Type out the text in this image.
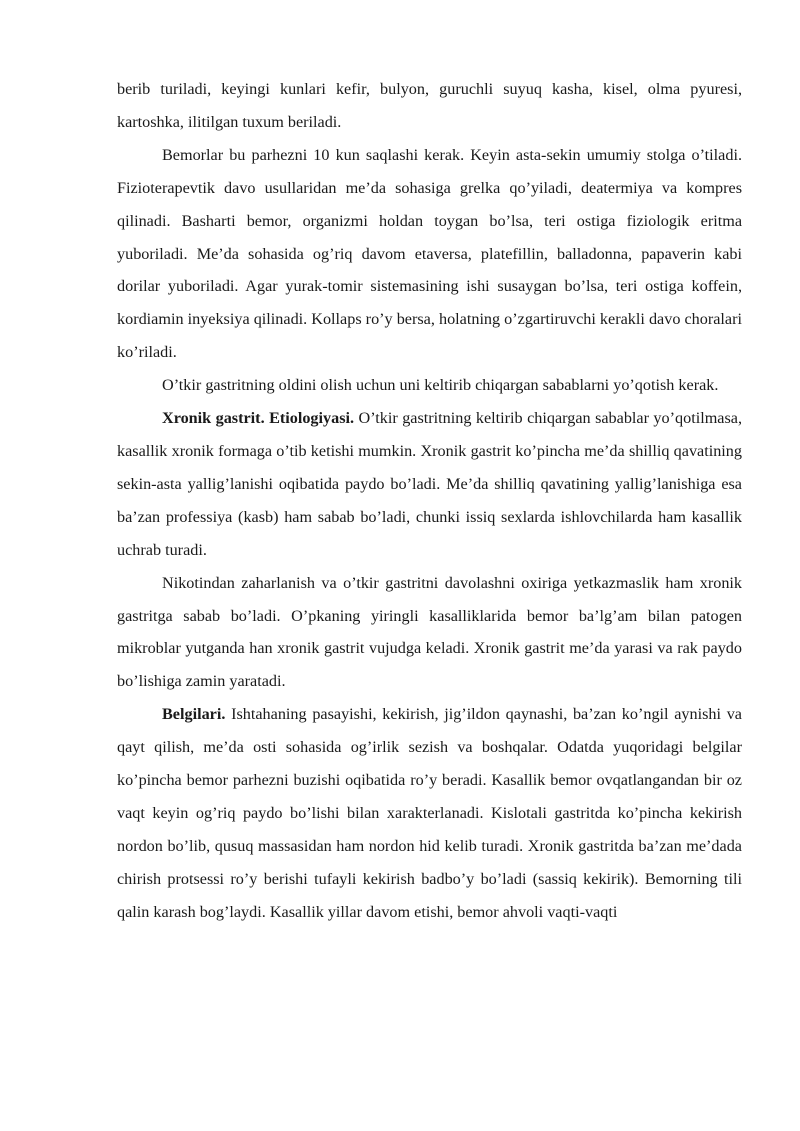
berib turiladi, keyingi kunlari kefir, bulyon, guruchli suyuq kasha, kisel, olma pyuresi, kartoshka, ilitilgan tuxum beriladi.

Bemorlar bu parhezni 10 kun saqlashi kerak. Keyin asta-sekin umumiy stolga o’tiladi. Fizioterapevtik davo usullaridan me’da sohasiga grelka qo’yiladi, deatermiya va kompres qilinadi. Basharti bemor, organizmi holdan toygan bo’lsa, teri ostiga fiziologik eritma yuboriladi. Me’da sohasida og’riq davom etaversa, platefillin, balladonna, papaverin kabi dorilar yuboriladi. Agar yurak-tomir sistemasining ishi susaygan bo’lsa, teri ostiga koffein, kordiamin inyeksiya qilinadi. Kollaps ro’y bersa, holatning o’zgartiruvchi kerakli davo choralari ko’riladi.

O’tkir gastritning oldini olish uchun uni keltirib chiqargan sabablarni yo’qotish kerak.

Xronik gastrit. Etiologiyasi. O’tkir gastritning keltirib chiqargan sabablar yo’qotilmasa, kasallik xronik formaga o’tib ketishi mumkin. Xronik gastrit ko’pincha me’da shilliq qavatining sekin-asta yallig’lanishi oqibatida paydo bo’ladi. Me’da shilliq qavatining yallig’lanishiga esa ba’zan professiya (kasb) ham sabab bo’ladi, chunki issiq sexlarda ishlovchilarda ham kasallik uchrab turadi.

Nikotindan zaharlanish va o’tkir gastritni davolashni oxiriga yetkazmaslik ham xronik gastritga sabab bo’ladi. O’pkaning yiringli kasalliklarida bemor ba’lg’am bilan patogen mikroblar yutganda han xronik gastrit vujudga keladi. Xronik gastrit me’da yarasi va rak paydo bo’lishiga zamin yaratadi.

Belgilari. Ishtahaning pasayishi, kekirish, jig’ildon qaynashi, ba’zan ko’ngil aynishi va qayt qilish, me’da osti sohasida og’irlik sezish va boshqalar. Odatda yuqoridagi belgilar ko’pincha bemor parhezni buzishi oqibatida ro’y beradi. Kasallik bemor ovqatlangandan bir oz vaqt keyin og’riq paydo bo’lishi bilan xarakterlanadi. Kislotali gastritda ko’pincha kekirish nordon bo’lib, qusuq massasidan ham nordon hid kelib turadi. Xronik gastritda ba’zan me’dada chirish protsessi ro’y berishi tufayli kekirish badbo’y bo’ladi (sassiq kekirik). Bemorning tili qalin karash bog’laydi. Kasallik yillar davom etishi, bemor ahvoli vaqti-vaqti
